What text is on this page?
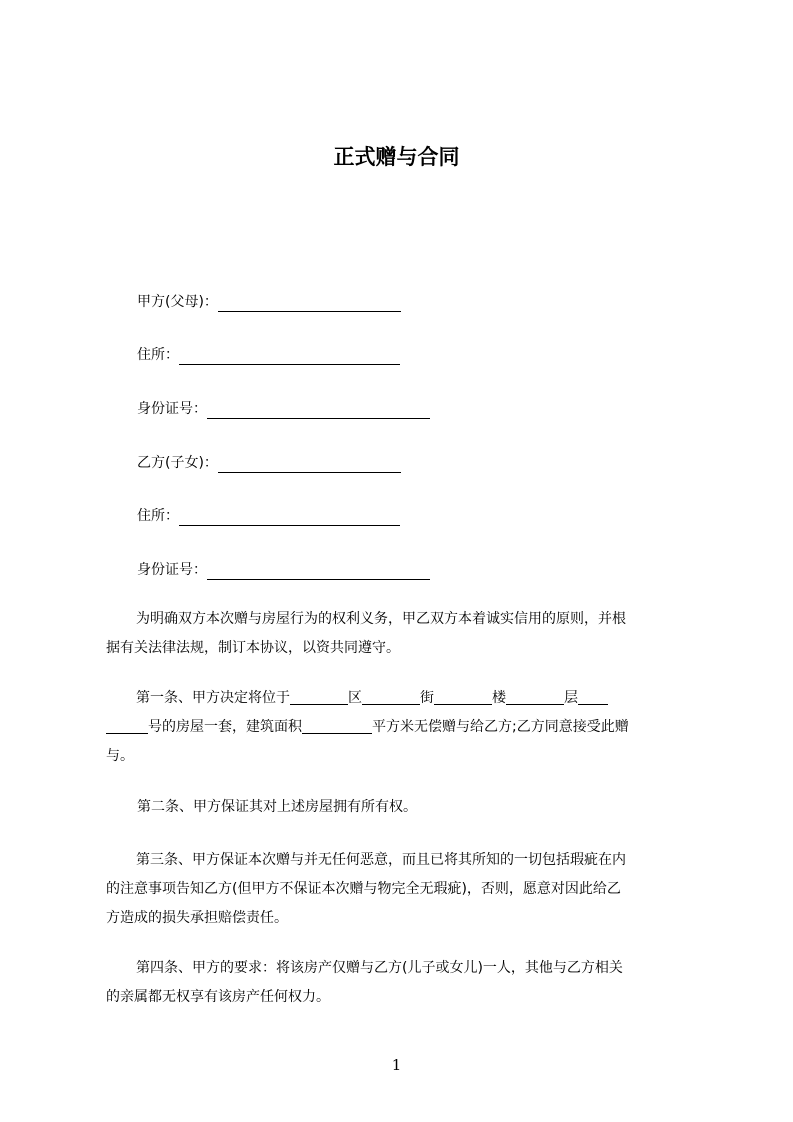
正式赠与合同
甲方(父母)：
住所：
身份证号：
乙方(子女)：
住所：
身份证号：
为明确双方本次赠与房屋行为的权利义务，甲乙双方本着诚实信用的原则，并根
据有关法律法规，制订本协议，以资共同遵守。
第一条、甲方决定将位于	区	街	楼	层
号的房屋一套，建筑面积	平方米无偿赠与给乙方;乙方同意接受此赠
与。
第二条、甲方保证其对上述房屋拥有所有权。
第三条、甲方保证本次赠与并无任何恶意，而且已将其所知的一切包括瑕疵在内
的注意事项告知乙方(但甲方不保证本次赠与物完全无瑕疵)，否则，愿意对因此给乙
方造成的损失承担赔偿责任。
第四条、甲方的要求：将该房产仅赠与乙方(儿子或女儿)一人，其他与乙方相关
的亲属都无权享有该房产任何权力。
1
